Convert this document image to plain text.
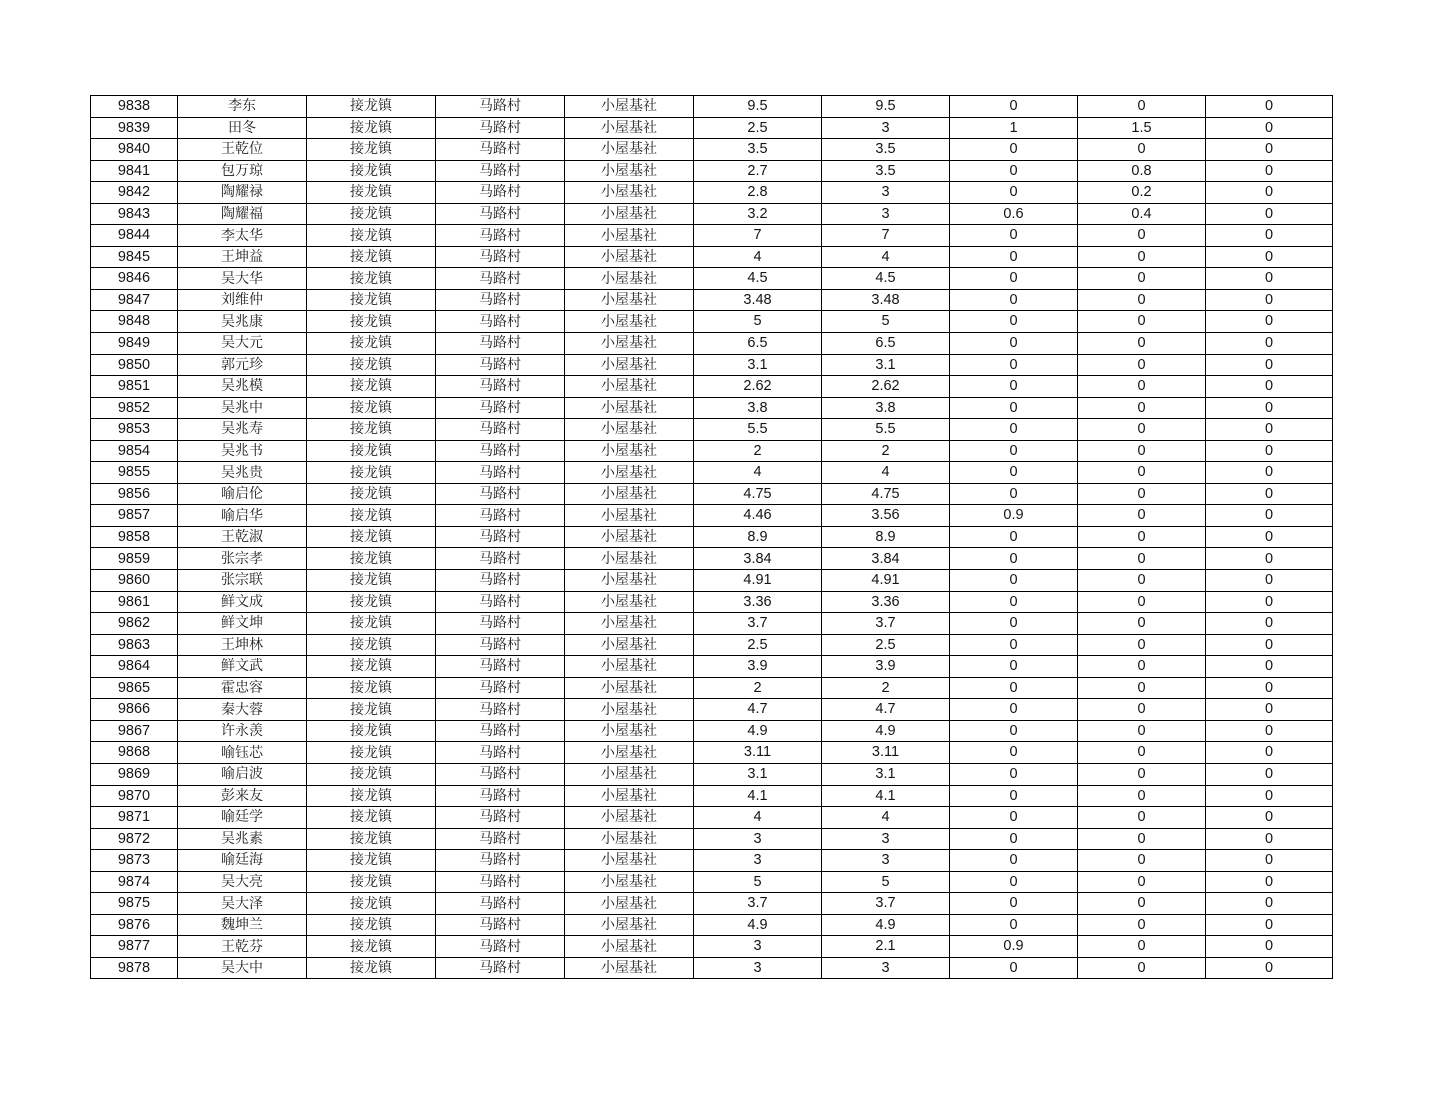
9838	李东	接龙镇	马路村	小屋基社	9.5	9.5	0	0	0
9839	田冬	接龙镇	马路村	小屋基社	2.5	3	1	1.5	0
9840	王乾位	接龙镇	马路村	小屋基社	3.5	3.5	0	0	0
9841	包万琼	接龙镇	马路村	小屋基社	2.7	3.5	0	0.8	0
9842	陶耀禄	接龙镇	马路村	小屋基社	2.8	3	0	0.2	0
9843	陶耀福	接龙镇	马路村	小屋基社	3.2	3	0.6	0.4	0
9844	李太华	接龙镇	马路村	小屋基社	7	7	0	0	0
9845	王坤益	接龙镇	马路村	小屋基社	4	4	0	0	0
9846	吴大华	接龙镇	马路村	小屋基社	4.5	4.5	0	0	0
9847	刘维仲	接龙镇	马路村	小屋基社	3.48	3.48	0	0	0
9848	吴兆康	接龙镇	马路村	小屋基社	5	5	0	0	0
9849	吴大元	接龙镇	马路村	小屋基社	6.5	6.5	0	0	0
9850	郭元珍	接龙镇	马路村	小屋基社	3.1	3.1	0	0	0
9851	吴兆模	接龙镇	马路村	小屋基社	2.62	2.62	0	0	0
9852	吴兆中	接龙镇	马路村	小屋基社	3.8	3.8	0	0	0
9853	吴兆寿	接龙镇	马路村	小屋基社	5.5	5.5	0	0	0
9854	吴兆书	接龙镇	马路村	小屋基社	2	2	0	0	0
9855	吴兆贵	接龙镇	马路村	小屋基社	4	4	0	0	0
9856	喻启伦	接龙镇	马路村	小屋基社	4.75	4.75	0	0	0
9857	喻启华	接龙镇	马路村	小屋基社	4.46	3.56	0.9	0	0
9858	王乾淑	接龙镇	马路村	小屋基社	8.9	8.9	0	0	0
9859	张宗孝	接龙镇	马路村	小屋基社	3.84	3.84	0	0	0
9860	张宗联	接龙镇	马路村	小屋基社	4.91	4.91	0	0	0
9861	鲜文成	接龙镇	马路村	小屋基社	3.36	3.36	0	0	0
9862	鲜文坤	接龙镇	马路村	小屋基社	3.7	3.7	0	0	0
9863	王坤林	接龙镇	马路村	小屋基社	2.5	2.5	0	0	0
9864	鲜文武	接龙镇	马路村	小屋基社	3.9	3.9	0	0	0
9865	霍忠容	接龙镇	马路村	小屋基社	2	2	0	0	0
9866	秦大蓉	接龙镇	马路村	小屋基社	4.7	4.7	0	0	0
9867	许永羡	接龙镇	马路村	小屋基社	4.9	4.9	0	0	0
9868	喻钰芯	接龙镇	马路村	小屋基社	3.11	3.11	0	0	0
9869	喻启波	接龙镇	马路村	小屋基社	3.1	3.1	0	0	0
9870	彭来友	接龙镇	马路村	小屋基社	4.1	4.1	0	0	0
9871	喻廷学	接龙镇	马路村	小屋基社	4	4	0	0	0
9872	吴兆素	接龙镇	马路村	小屋基社	3	3	0	0	0
9873	喻廷海	接龙镇	马路村	小屋基社	3	3	0	0	0
9874	吴大亮	接龙镇	马路村	小屋基社	5	5	0	0	0
9875	吴大泽	接龙镇	马路村	小屋基社	3.7	3.7	0	0	0
9876	魏坤兰	接龙镇	马路村	小屋基社	4.9	4.9	0	0	0
9877	王乾芬	接龙镇	马路村	小屋基社	3	2.1	0.9	0	0
9878	吴大中	接龙镇	马路村	小屋基社	3	3	0	0	0
